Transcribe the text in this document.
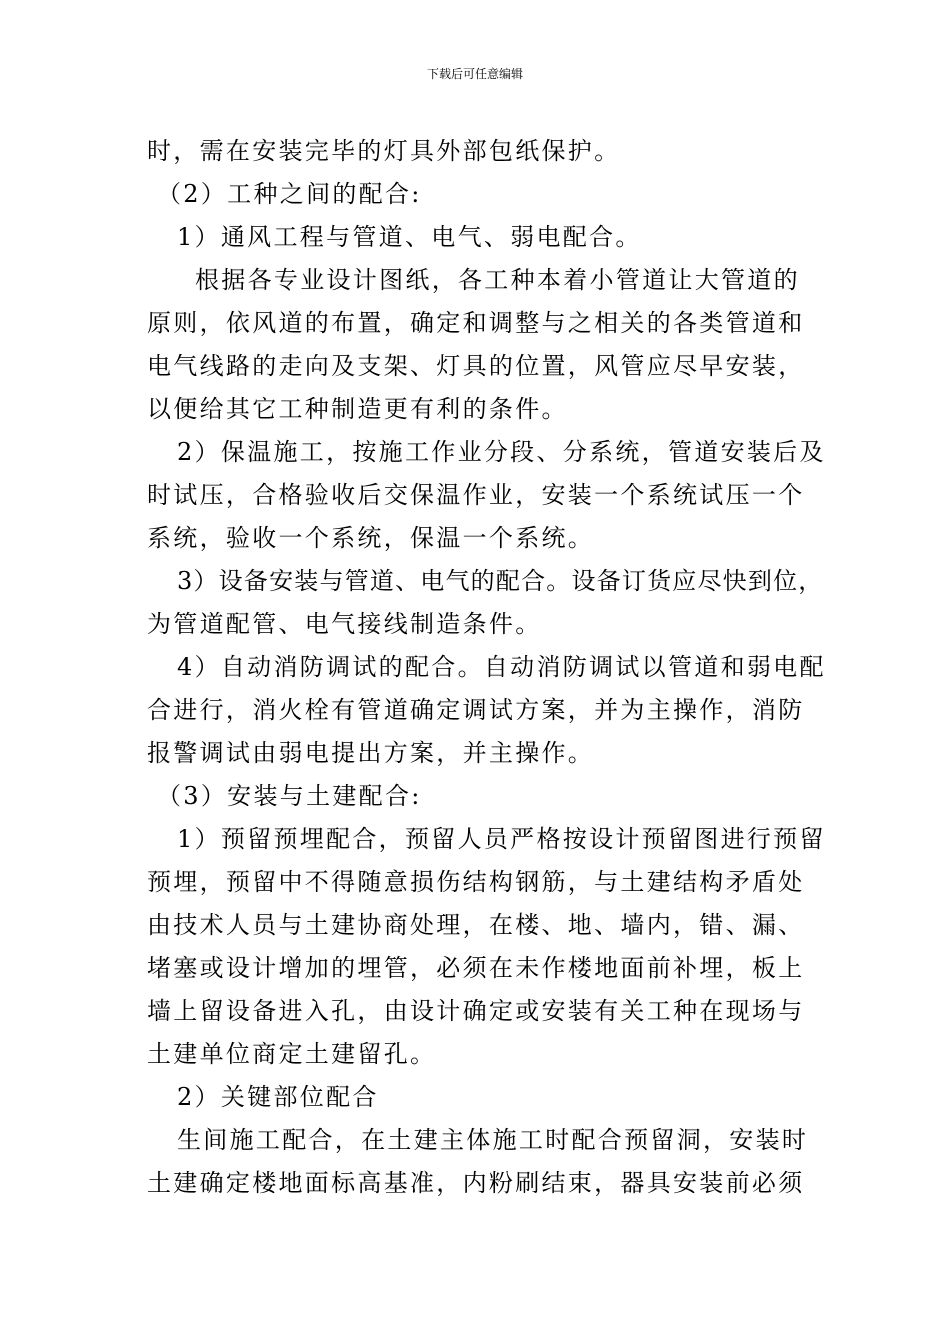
下载后可任意编辑

时，需在安装完毕的灯具外部包纸保护。

（2）工种之间的配合:

1）通风工程与管道、电气、弱电配合。

根据各专业设计图纸，各工种本着小管道让大管道的

原则，依风道的布置，确定和调整与之相关的各类管道和

电气线路的走向及支架、灯具的位置，风管应尽早安装，

以便给其它工种制造更有利的条件。

2）保温施工，按施工作业分段、分系统，管道安装后及

时试压，合格验收后交保温作业，安装一个系统试压一个

系统，验收一个系统，保温一个系统。

3）设备安装与管道、电气的配合。设备订货应尽快到位，

为管道配管、电气接线制造条件。

4）自动消防调试的配合。自动消防调试以管道和弱电配

合进行，消火栓有管道确定调试方案，并为主操作，消防

报警调试由弱电提出方案，并主操作。

（3）安装与土建配合:

1）预留预埋配合，预留人员严格按设计预留图进行预留

预埋，预留中不得随意损伤结构钢筋，与土建结构矛盾处

由技术人员与土建协商处理，在楼、地、墙内，错、漏、

堵塞或设计增加的埋管，必须在未作楼地面前补埋，板上

墙上留设备进入孔，由设计确定或安装有关工种在现场与

土建单位商定土建留孔。

2）关键部位配合

生间施工配合，在土建主体施工时配合预留洞，安装时

土建确定楼地面标高基准，内粉刷结束，器具安装前必须
